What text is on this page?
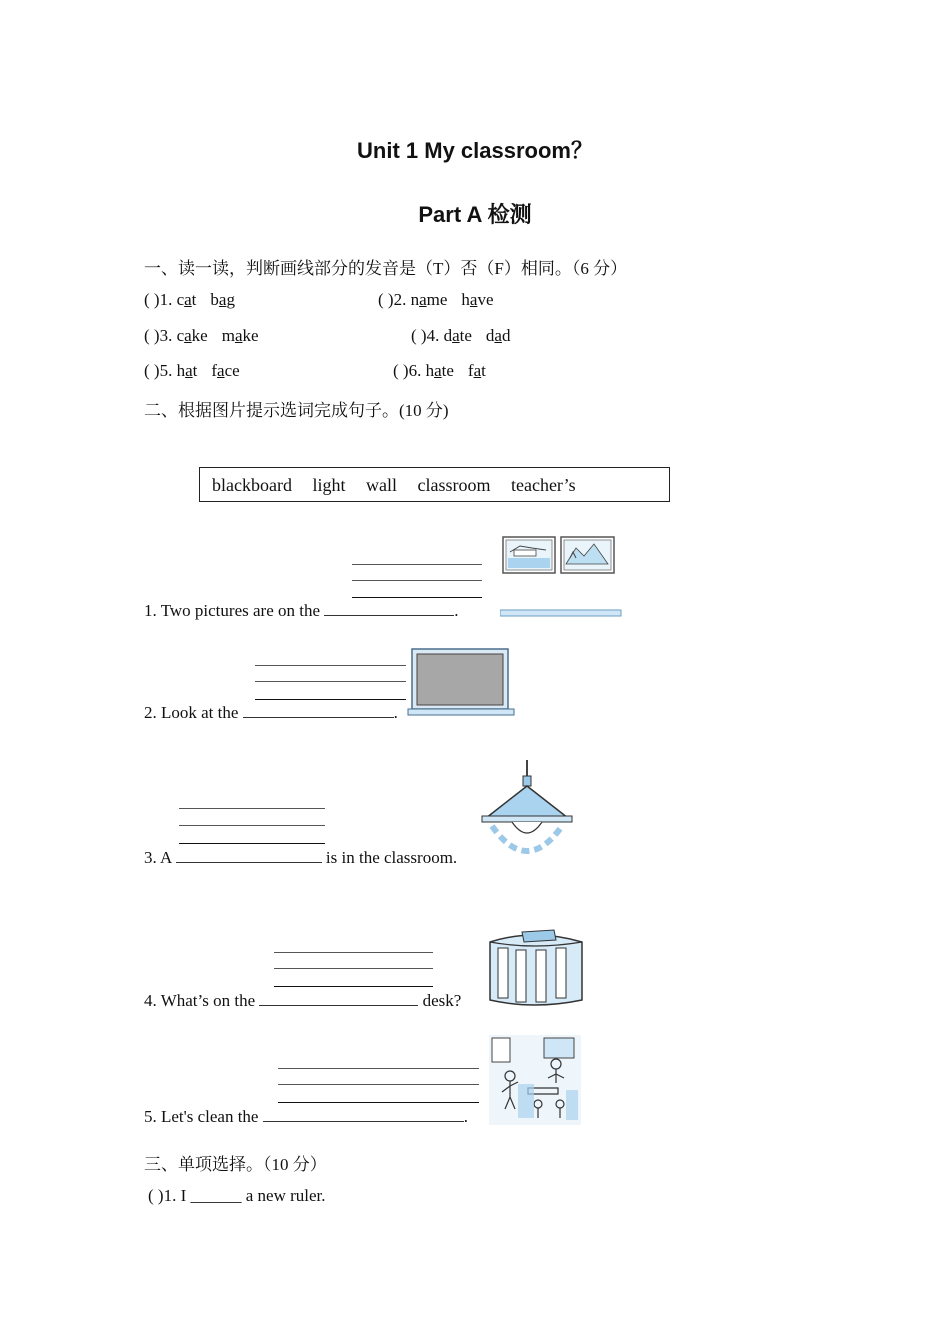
Unit 1 My classroom？
Part A 检测
一、读一读，判断画线部分的发音是（T）否（F）相同。（6 分）
( )1. cat bag	( )2. name have
( )3. cake make	( )4. date dad
( )5. hat face	( )6. hate fat
二、根据图片提示选词完成句子。(10 分)
blackboard light wall classroom teacher’s
1. Two pictures are on the	.
2. Look at the	.
3. A	is in the classroom.
4. What’s on the	desk?
5. Let's clean the	.
三、单项选择。（10 分）
( )1. I ______ a new ruler.
